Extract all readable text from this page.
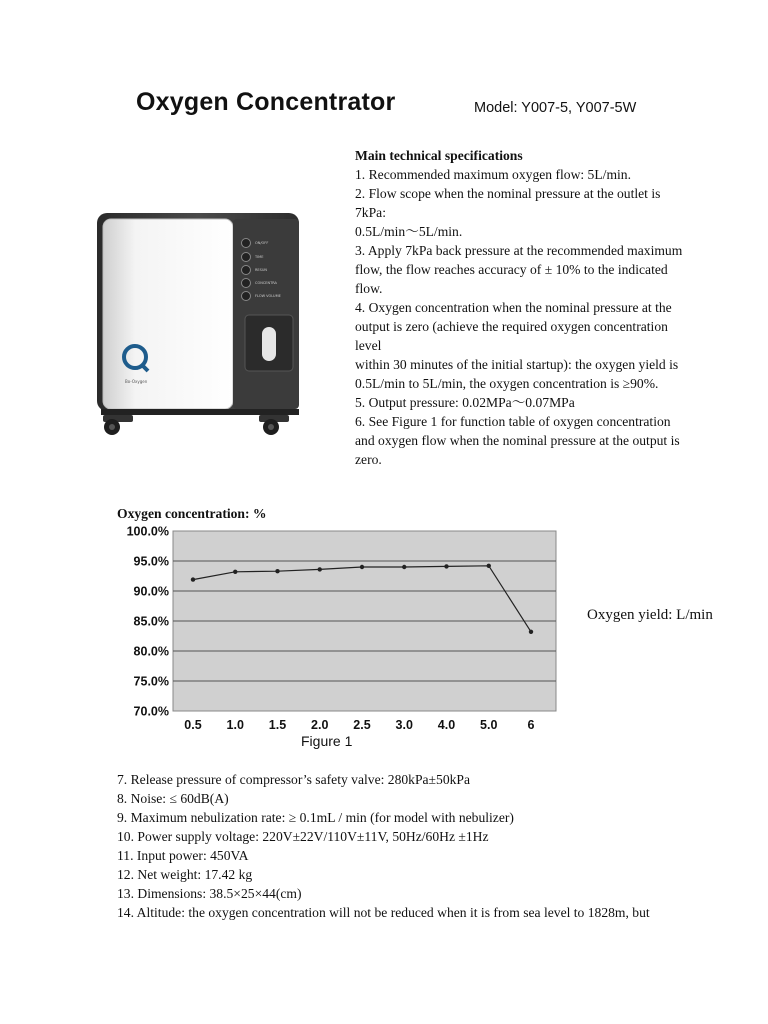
Oxygen Concentrator	Model: Y007-5, Y007-5W
ON/OFF
TIME
RESUN
CONCENTRA
FLOW VOLUME
Bo-Oxygen
Main technical specifications
1. Recommended maximum oxygen flow: 5L/min.
2. Flow scope when the nominal pressure at the outlet is
7kPa:
0.5L/min～5L/min.
3. Apply 7kPa back pressure at the recommended maximum
flow, the flow reaches accuracy of ± 10% to the indicated
flow.
4. Oxygen concentration when the nominal pressure at the
output is zero (achieve the required oxygen concentration
level
within 30 minutes of the initial startup): the oxygen yield is
0.5L/min to 5L/min, the oxygen concentration is ≥90%.
5. Output pressure: 0.02MPa～0.07MPa
6. See Figure 1 for function table of oxygen concentration
and oxygen flow when the nominal pressure at the output is
zero.
Oxygen concentration: %
70.0%
75.0%
80.0%
85.0%
90.0%
95.0%
100.0%
0.5 1.0 1.5 2.0 2.5 3.0 4.0 5.0 6
Oxygen yield: L/min
Figure 1
7. Release pressure of compressor’s safety valve: 280kPa±50kPa
8. Noise: ≤ 60dB(A)
9. Maximum nebulization rate: ≥ 0.1mL / min (for model with nebulizer)
10. Power supply voltage: 220V±22V/110V±11V, 50Hz/60Hz ±1Hz
11. Input power: 450VA
12. Net weight: 17.42 kg
13. Dimensions: 38.5×25×44(cm)
14. Altitude: the oxygen concentration will not be reduced when it is from sea level to 1828m, but
